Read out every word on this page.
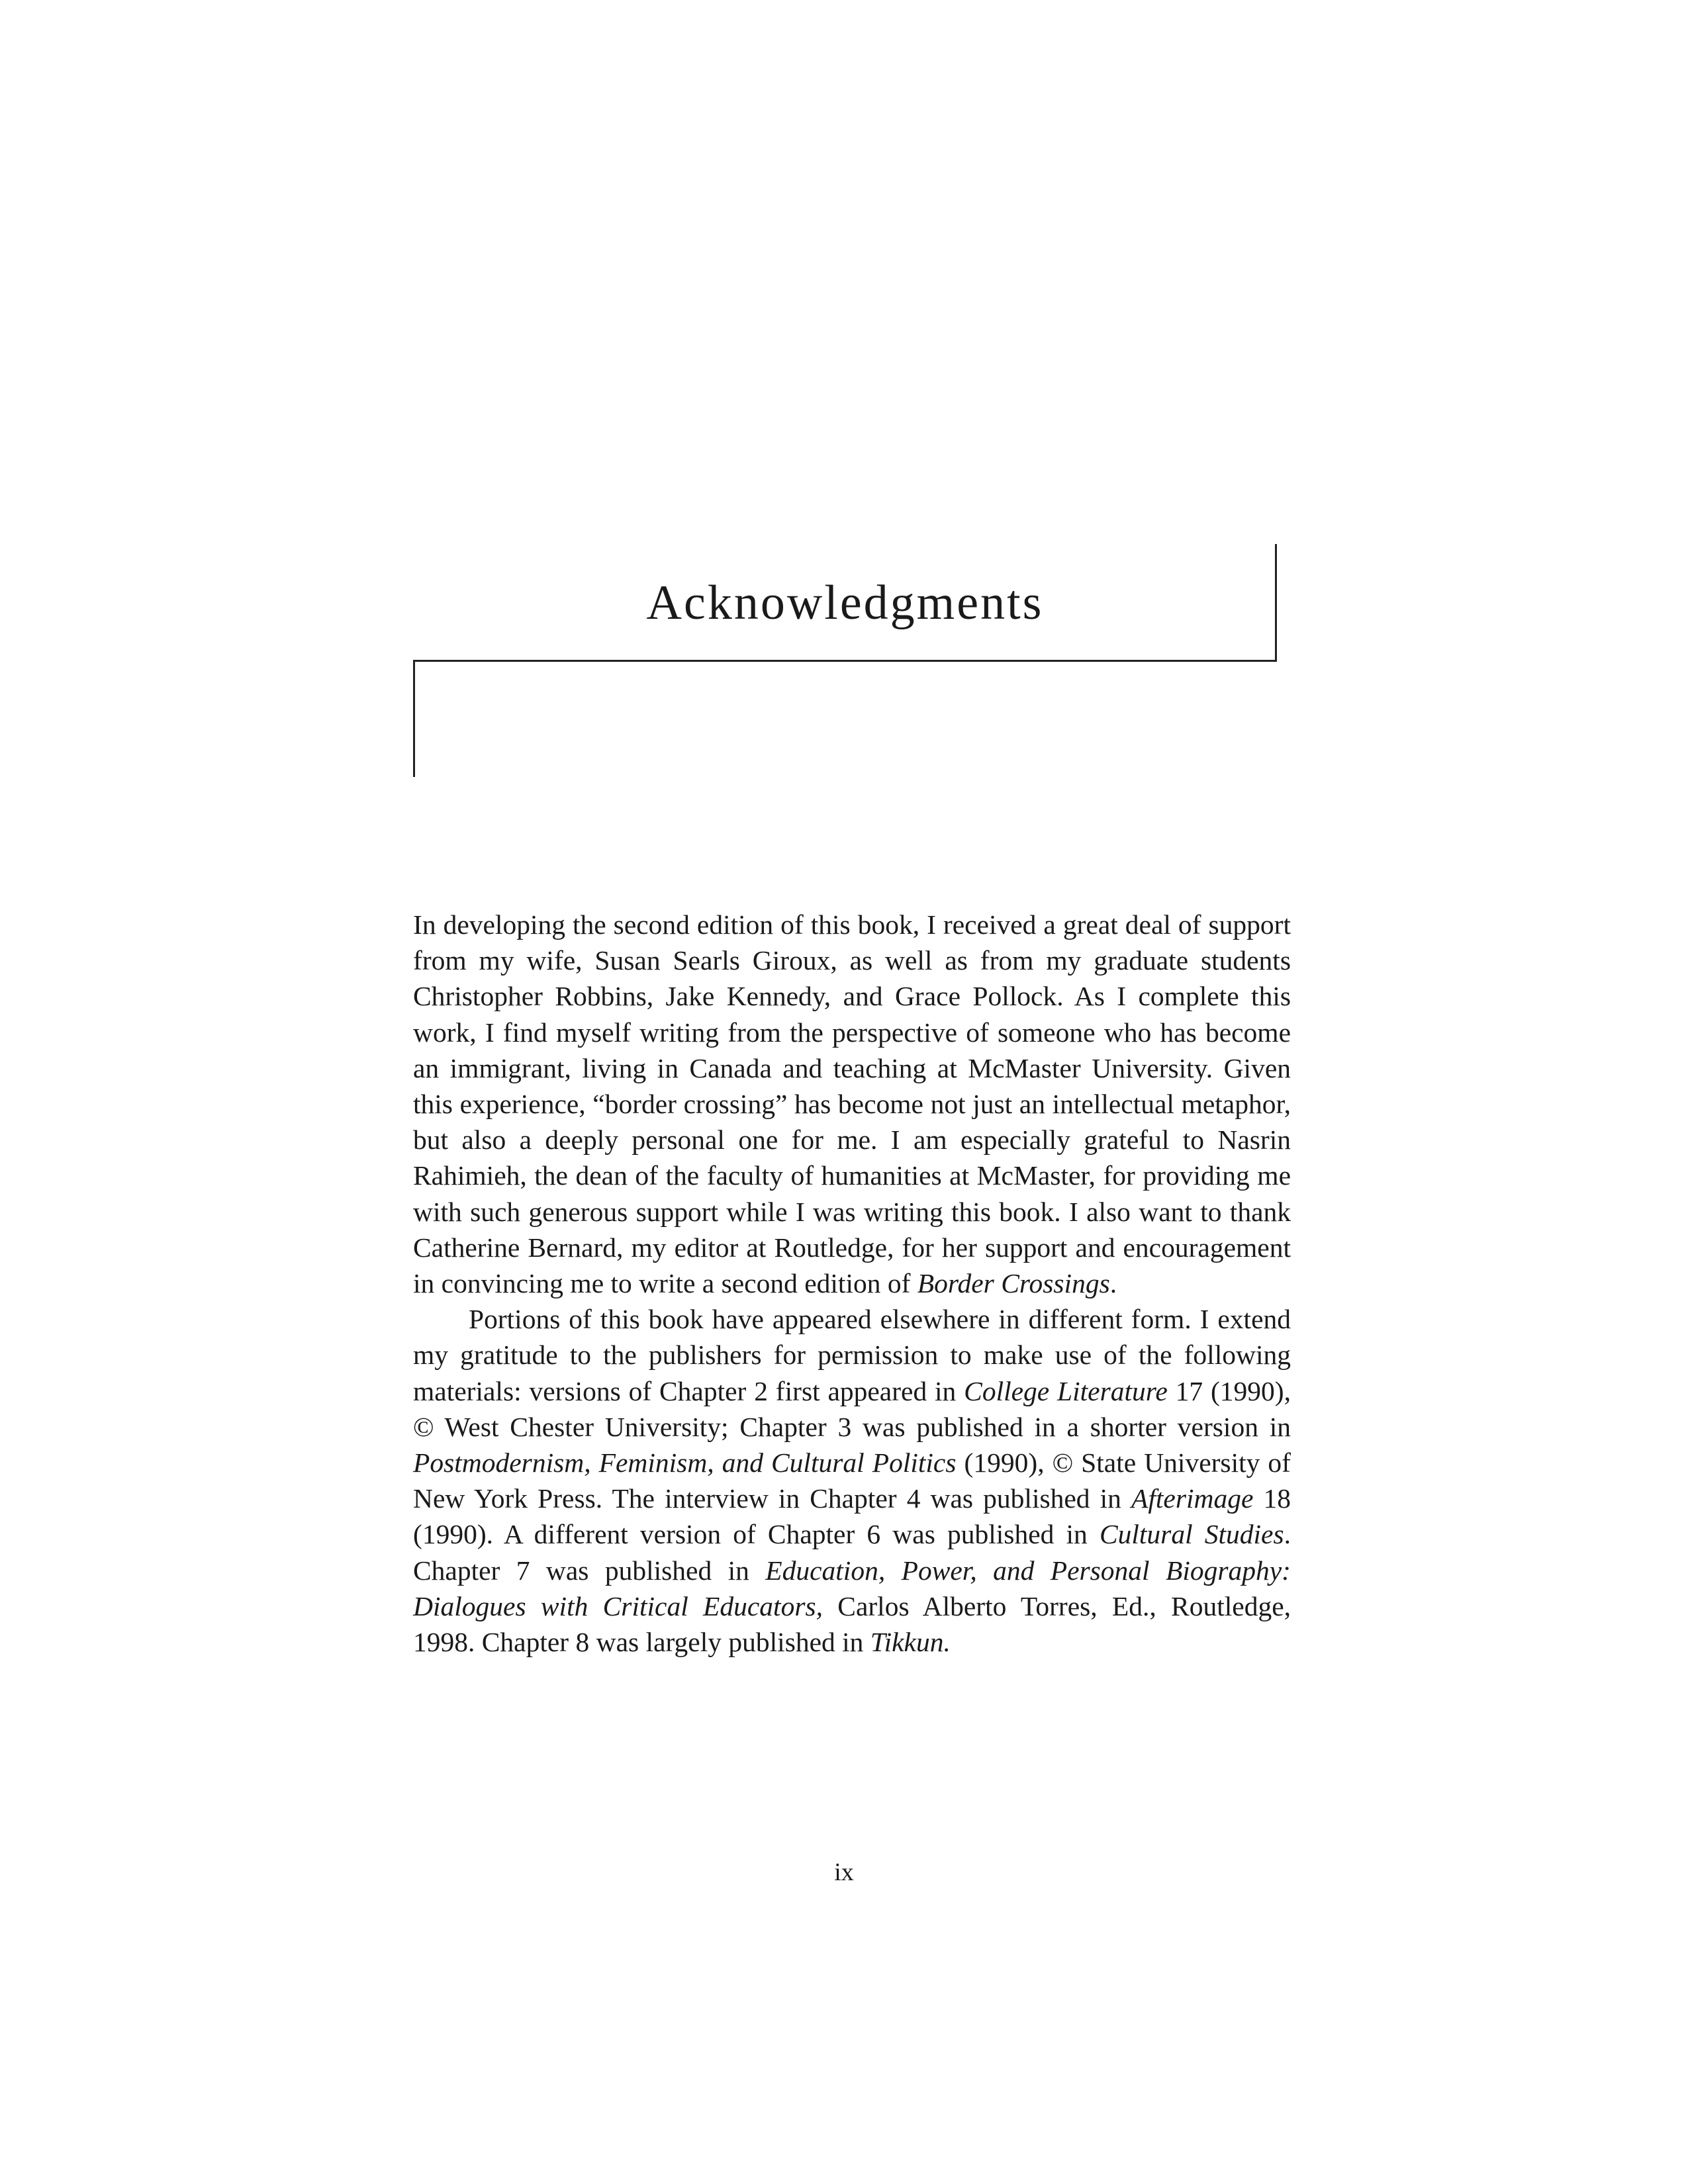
Acknowledgments

In developing the second edition of this book, I received a great deal of support from my wife, Susan Searls Giroux, as well as from my graduate students Christopher Robbins, Jake Kennedy, and Grace Pollock. As I complete this work, I find myself writing from the perspective of someone who has become an immigrant, living in Canada and teaching at McMaster University. Given this experience, “border crossing” has become not just an intellectual metaphor, but also a deeply personal one for me. I am especially grateful to Nasrin Rahimieh, the dean of the faculty of humanities at McMaster, for providing me with such generous support while I was writing this book. I also want to thank Catherine Bernard, my editor at Routledge, for her support and encouragement in convincing me to write a second edition of Border Crossings.

Portions of this book have appeared elsewhere in different form. I extend my gratitude to the publishers for permission to make use of the following materials: versions of Chapter 2 first appeared in College Literature 17 (1990), © West Chester University; Chapter 3 was published in a shorter version in Postmodernism, Feminism, and Cultural Politics (1990), © State University of New York Press. The interview in Chapter 4 was published in Afterimage 18 (1990). A different version of Chapter 6 was published in Cultural Studies. Chapter 7 was published in Education, Power, and Personal Biography: Dialogues with Critical Educators, Carlos Alberto Torres, Ed., Routledge, 1998. Chapter 8 was largely published in Tikkun.

ix
